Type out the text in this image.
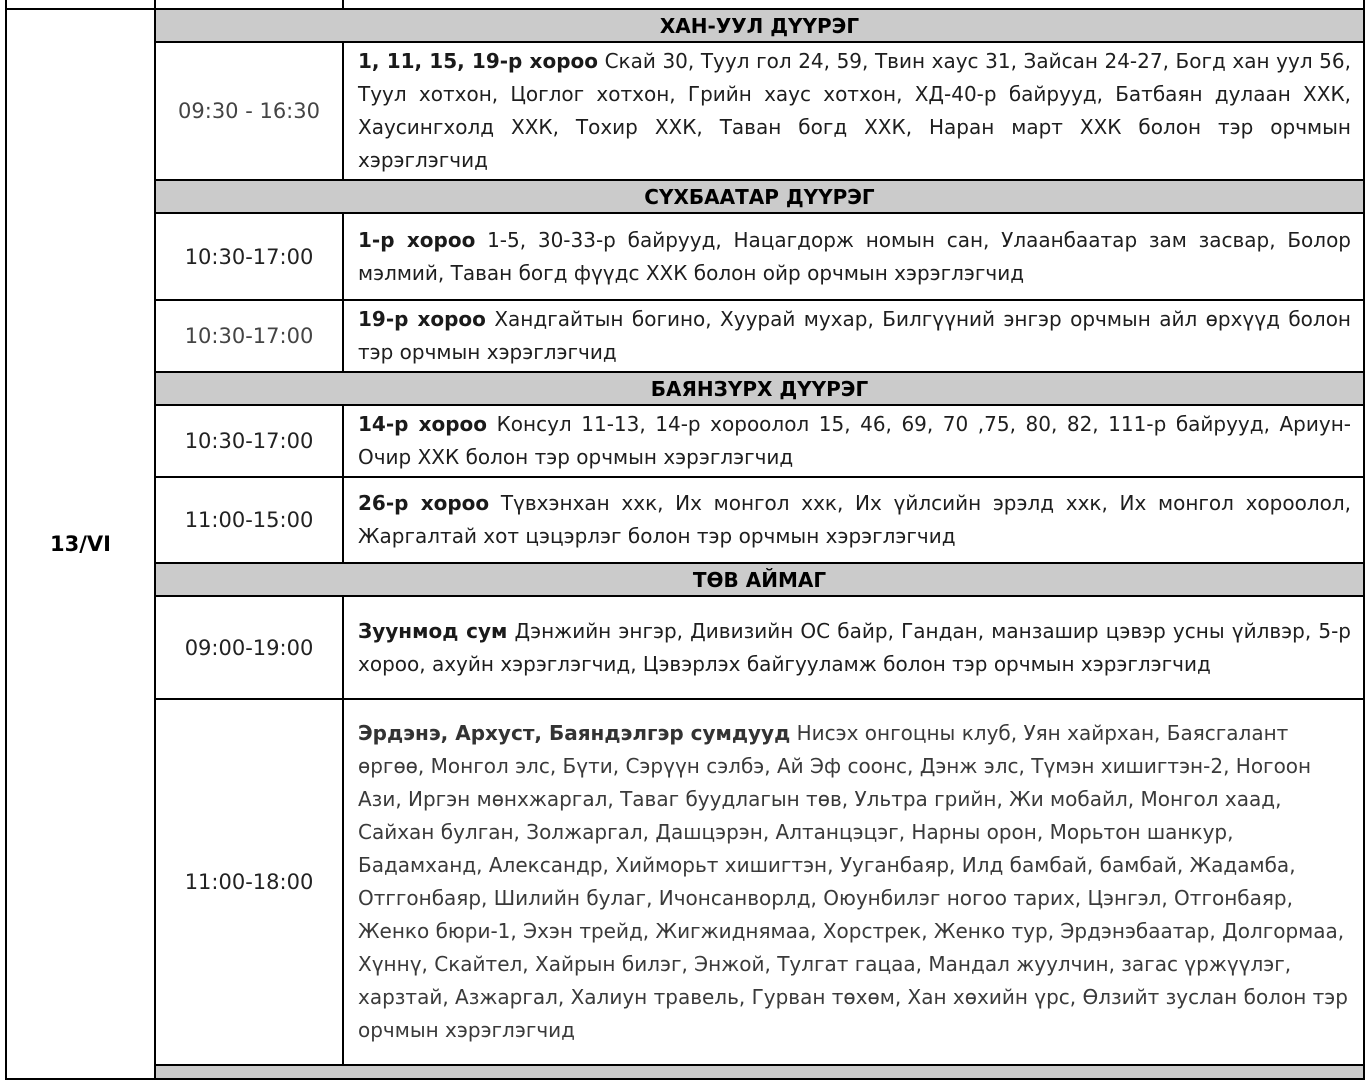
13/VI	ХАН-УУЛ ДҮҮРЭГ	
	09:30 - 16:30	1, 11, 15, 19-р хороо Скай 30, Туул гол 24, 59, Твин хаус 31, Зайсан 24-27, Богд хан уул 56, Туул хотхон, Цоглог хотхон, Грийн хаус хотхон, ХД-40-р байрууд, Батбаян дулаан ХХК, Хаусингхолд ХХК, Тохир ХХК, Таван богд ХХК, Наран март ХХК болон тэр орчмын хэрэглэгчид
	СҮХБААТАР ДҮҮРЭГ	
	10:30-17:00	1-р хороо 1-5, 30-33-р байрууд, Нацагдорж номын сан, Улаанбаатар зам засвар, Болор мэлмий, Таван богд фүүдс ХХК болон ойр орчмын хэрэглэгчид
	10:30-17:00	19-р хороо Хандгайтын богино, Хуурай мухар, Билгүүний энгэр орчмын айл өрхүүд болон тэр орчмын хэрэглэгчид
	БАЯНЗҮРХ ДҮҮРЭГ	
	10:30-17:00	14-р хороо Консул 11-13, 14-р хороолол 15, 46, 69, 70 ,75, 80, 82, 111-р байрууд, Ариун-Очир ХХК болон тэр орчмын хэрэглэгчид
	11:00-15:00	26-р хороо Түвхэнхан ххк, Их монгол ххк, Их үйлсийн эрэлд ххк, Их монгол хороолол, Жаргалтай хот цэцэрлэг болон тэр орчмын хэрэглэгчид
	ТӨВ АЙМАГ	
	09:00-19:00	Зуунмод сум Дэнжийн энгэр, Дивизийн ОС байр, Гандан, манзашир цэвэр усны үйлвэр, 5-р хороо, ахуйн хэрэглэгчид, Цэвэрлэх байгууламж болон тэр орчмын хэрэглэгчид
	11:00-18:00	Эрдэнэ, Архуст, Баяндэлгэр сумдууд Нисэх онгоцны клуб, Уян хайрхан, Баясгалант өргөө, Монгол элс, Бүти, Сэрүүн сэлбэ, Ай Эф соонс, Дэнж элс, Түмэн хишигтэн-2, Ногоон Ази, Иргэн мөнхжаргал, Таваг буудлагын төв, Ультра грийн, Жи мобайл, Монгол хаад, Сайхан булган, Золжаргал, Дашцэрэн, Алтанцэцэг, Нарны орон, Морьтон шанкур, Бадамханд, Александр, Хийморьт хишигтэн, Ууганбаяр, Илд бамбай, бамбай, Жадамба, Отггонбаяр, Шилийн булаг, Ичонсанворлд, Оюунбилэг ногоо тарих, Цэнгэл, Отгонбаяр, Женко бюри-1, Эхэн трейд, Жигжиднямаа, Хорстрек, Женко тур, Эрдэнэбаатар, Долгормаа, Хүннү, Скайтел, Хайрын билэг, Энжой, Тулгат гацаа, Мандал жуулчин, загас үржүүлэг, харзтай, Азжаргал, Халиун травель, Гурван төхөм, Хан хөхийн үрс, Өлзийт зуслан болон тэр орчмын хэрэглэгчид
